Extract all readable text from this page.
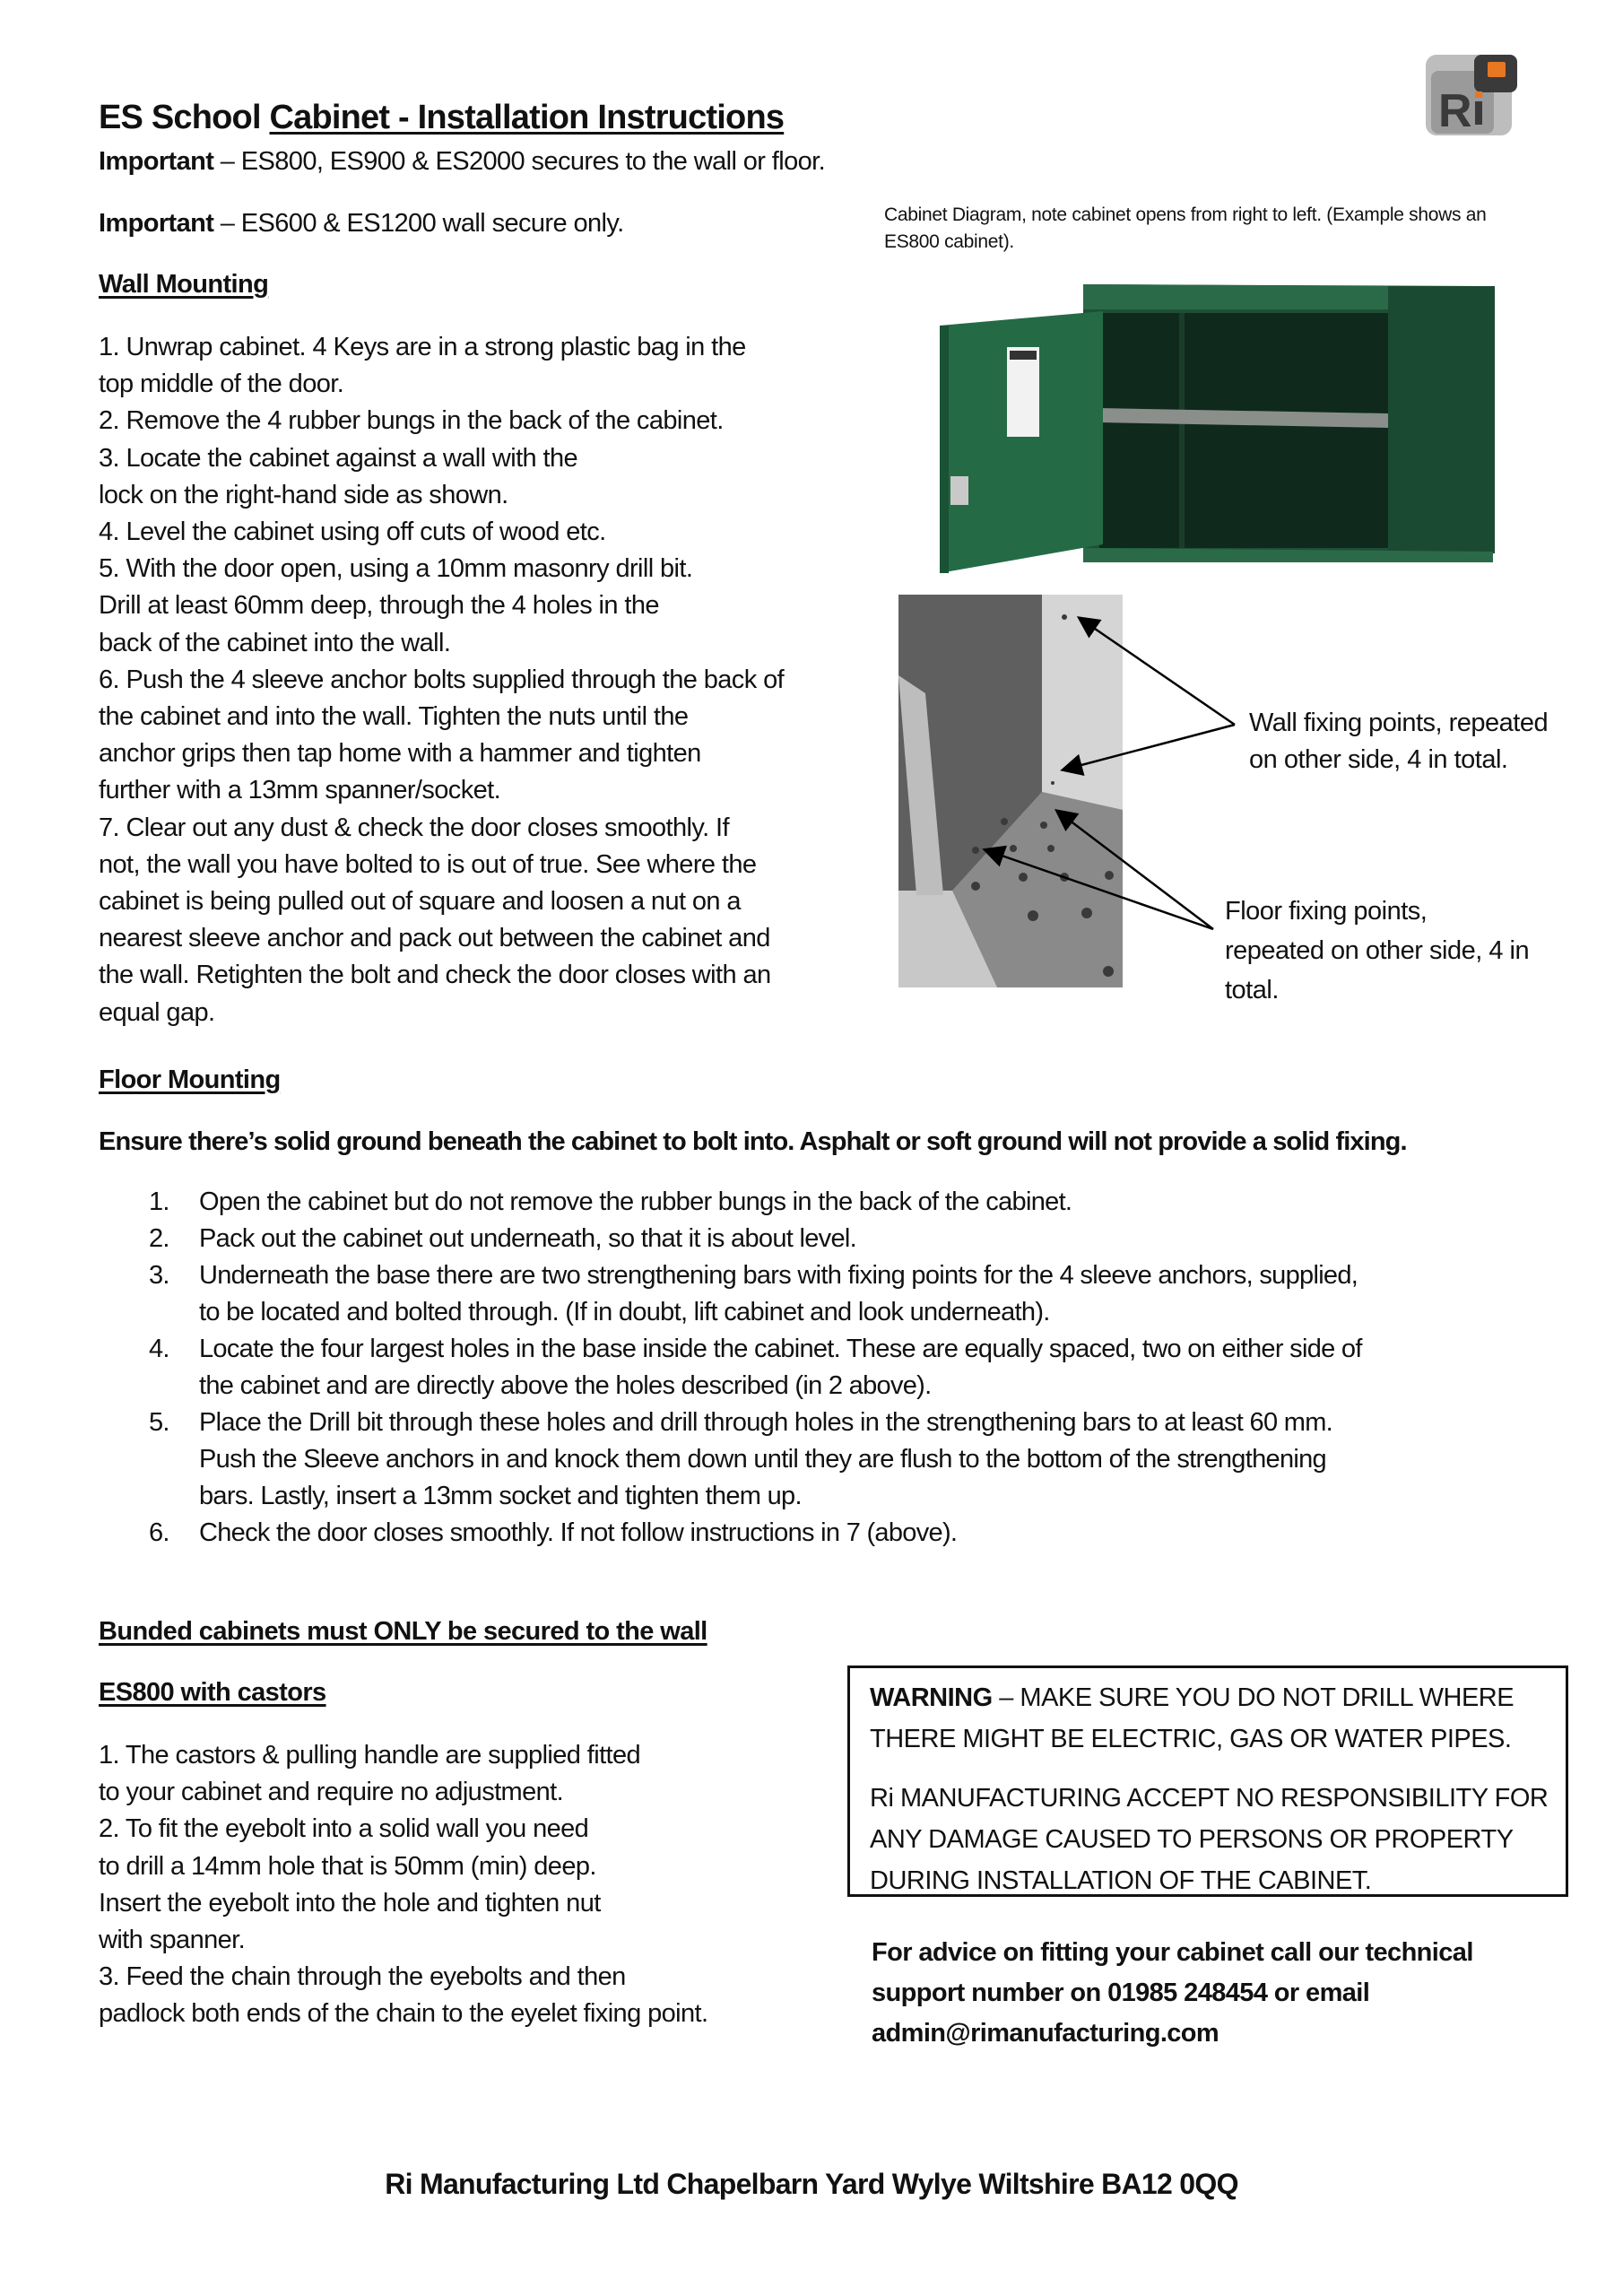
ES School Cabinet - Installation Instructions	R
Important – ES800, ES900 & ES2000 secures to the wall or floor.
Important – ES600 & ES1200 wall secure only.
Wall Mounting
1. Unwrap cabinet. 4 Keys are in a strong plastic bag in the
top middle of the door.
2. Remove the 4 rubber bungs in the back of the cabinet.
3. Locate the cabinet against a wall with the
lock on the right-hand side as shown.
4. Level the cabinet using off cuts of wood etc.
5. With the door open, using a 10mm masonry drill bit.
Drill at least 60mm deep, through the 4 holes in the
back of the cabinet into the wall.
6. Push the 4 sleeve anchor bolts supplied through the back of
the cabinet and into the wall. Tighten the nuts until the
anchor grips then tap home with a hammer and tighten
further with a 13mm spanner/socket.
7. Clear out any dust & check the door closes smoothly. If
not, the wall you have bolted to is out of true. See where the
cabinet is being pulled out of square and loosen a nut on a
nearest sleeve anchor and pack out between the cabinet and
the wall. Retighten the bolt and check the door closes with an
equal gap.
Cabinet Diagram, note cabinet opens from right to left. (Example shows an
ES800 cabinet).
Wall fixing points, repeated
on other side, 4 in total.
Floor fixing points,
repeated on other side, 4 in
total.
Floor Mounting
Ensure there’s solid ground beneath the cabinet to bolt into. Asphalt or soft ground will not provide a solid fixing.
1. Open the cabinet but do not remove the rubber bungs in the back of the cabinet.
2. Pack out the cabinet out underneath, so that it is about level.
3. Underneath the base there are two strengthening bars with fixing points for the 4 sleeve anchors, supplied,
to be located and bolted through. (If in doubt, lift cabinet and look underneath).
4. Locate the four largest holes in the base inside the cabinet. These are equally spaced, two on either side of
the cabinet and are directly above the holes described (in 2 above).
5. Place the Drill bit through these holes and drill through holes in the strengthening bars to at least 60 mm.
Push the Sleeve anchors in and knock them down until they are flush to the bottom of the strengthening
bars. Lastly, insert a 13mm socket and tighten them up.
6. Check the door closes smoothly. If not follow instructions in 7 (above).
Bunded cabinets must ONLY be secured to the wall
ES800 with castors
1. The castors & pulling handle are supplied fitted
to your cabinet and require no adjustment.
2. To fit the eyebolt into a solid wall you need
to drill a 14mm hole that is 50mm (min) deep.
Insert the eyebolt into the hole and tighten nut
with spanner.
3. Feed the chain through the eyebolts and then
padlock both ends of the chain to the eyelet fixing point.
WARNING – MAKE SURE YOU DO NOT DRILL WHERE
THERE MIGHT BE ELECTRIC, GAS OR WATER PIPES.
Ri MANUFACTURING ACCEPT NO RESPONSIBILITY FOR
ANY DAMAGE CAUSED TO PERSONS OR PROPERTY
DURING INSTALLATION OF THE CABINET.
For advice on fitting your cabinet call our technical
support number on 01985 248454 or email
admin@rimanufacturing.com
Ri Manufacturing Ltd Chapelbarn Yard Wylye Wiltshire BA12 0QQ
